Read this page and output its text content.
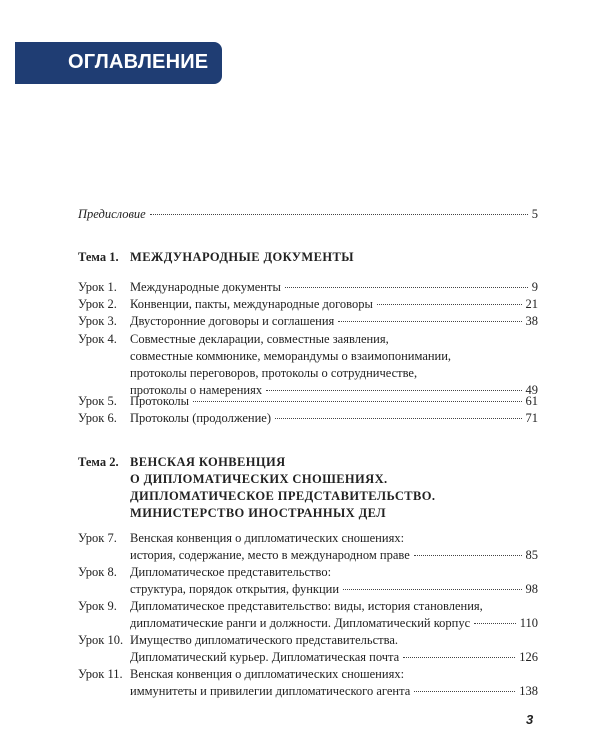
ОГЛАВЛЕНИЕ
Предисловие	5
Тема 1. МЕЖДУНАРОДНЫЕ ДОКУМЕНТЫ
Урок 1.	Международные документы	9
Урок 2.	Конвенции, пакты, международные договоры	21
Урок 3.	Двусторонние договоры и соглашения	38
Урок 4.	Совместные декларации, совместные заявления,
совместные коммюнике, меморандумы о взаимопонимании,
протоколы переговоров, протоколы о сотрудничестве,
протоколы о намерениях	49
Урок 5.	Протоколы	61
Урок 6.	Протоколы (продолжение)	71
Тема 2. ВЕНСКАЯ КОНВЕНЦИЯ
О ДИПЛОМАТИЧЕСКИХ СНОШЕНИЯХ.
ДИПЛОМАТИЧЕСКОЕ ПРЕДСТАВИТЕЛЬСТВО.
МИНИСТЕРСТВО ИНОСТРАННЫХ ДЕЛ
Урок 7.	Венская конвенция о дипломатических сношениях:
история, содержание, место в международном праве	85
Урок 8.	Дипломатическое представительство:
структура, порядок открытия, функции	98
Урок 9.	Дипломатическое представительство: виды, история становления,
дипломатические ранги и должности. Дипломатический корпус	110
Урок 10. Имущество дипломатического представительства.
Дипломатический курьер. Дипломатическая почта	126
Урок 11. Венская конвенция о дипломатических сношениях:
иммунитеты и привилегии дипломатического агента	138
3
